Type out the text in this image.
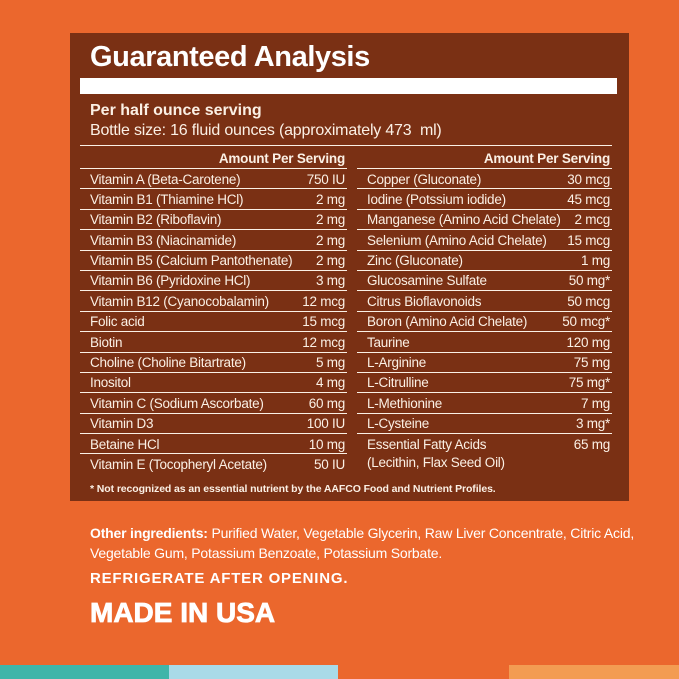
Guaranteed Analysis
Per half ounce serving
Bottle size: 16 fluid ounces (approximately 473  ml)
Amount Per Serving
Vitamin A (Beta-Carotene)	750 IU
Vitamin B1 (Thiamine HCl)	2 mg
Vitamin B2 (Riboflavin)	2 mg
Vitamin B3 (Niacinamide)	2 mg
Vitamin B5 (Calcium Pantothenate)	2 mg
Vitamin B6 (Pyridoxine HCl)	3 mg
Vitamin B12 (Cyanocobalamin)	12 mcg
Folic acid	15 mcg
Biotin	12 mcg
Choline (Choline Bitartrate)	5 mg
Inositol	4 mg
Vitamin C (Sodium Ascorbate)	60 mg
Vitamin D3	100 IU
Betaine HCl	10 mg
Vitamin E (Tocopheryl Acetate)	50 IU
Amount Per Serving
Copper (Gluconate)	30 mcg
Iodine (Potssium iodide)	45 mcg
Manganese (Amino Acid Chelate)	2 mcg
Selenium (Amino Acid Chelate)	15 mcg
Zinc (Gluconate)	1 mg
Glucosamine Sulfate	50 mg*
Citrus Bioflavonoids	50 mcg
Boron (Amino Acid Chelate)	50 mcg*
Taurine	120 mg
L-Arginine	75 mg
L-Citrulline	75 mg*
L-Methionine	7 mg
L-Cysteine	3 mg*
Essential Fatty Acids	65 mg
(Lecithin, Flax Seed Oil)
* Not recognized as an essential nutrient by the AAFCO Food and Nutrient Profiles.
Other ingredients: Purified Water, Vegetable Glycerin, Raw Liver Concentrate, Citric Acid,
Vegetable Gum, Potassium Benzoate, Potassium Sorbate.
REFRIGERATE AFTER OPENING.
MADE IN USA
